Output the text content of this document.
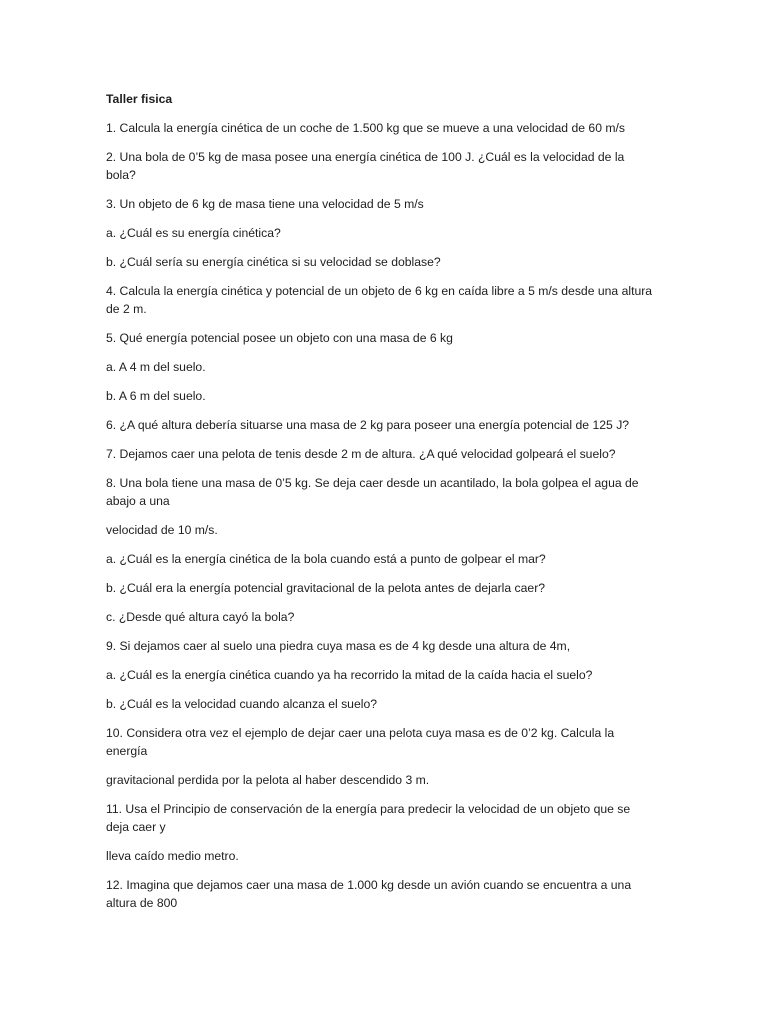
Taller fisica
1. Calcula la energía cinética de un coche de 1.500 kg que se mueve a una velocidad de 60 m/s
2. Una bola de 0’5 kg de masa posee una energía cinética de 100 J. ¿Cuál es la velocidad de la bola?
3. Un objeto de 6 kg de masa tiene una velocidad de 5 m/s
a. ¿Cuál es su energía cinética?
b. ¿Cuál sería su energía cinética si su velocidad se doblase?
4. Calcula la energía cinética y potencial de un objeto de 6 kg en caída libre a 5 m/s desde una altura de 2 m.
5. Qué energía potencial posee un objeto con una masa de 6 kg
a. A 4 m del suelo.
b. A 6 m del suelo.
6. ¿A qué altura debería situarse una masa de 2 kg para poseer una energía potencial de 125 J?
7. Dejamos caer una pelota de tenis desde 2 m de altura. ¿A qué velocidad golpeará el suelo?
8. Una bola tiene una masa de 0’5 kg. Se deja caer desde un acantilado, la bola golpea el agua de abajo a una
velocidad de 10 m/s.
a. ¿Cuál es la energía cinética de la bola cuando está a punto de golpear el mar?
b. ¿Cuál era la energía potencial gravitacional de la pelota antes de dejarla caer?
c. ¿Desde qué altura cayó la bola?
9. Si dejamos caer al suelo una piedra cuya masa es de 4 kg desde una altura de 4m,
a. ¿Cuál es la energía cinética cuando ya ha recorrido la mitad de la caída hacia el suelo?
b. ¿Cuál es la velocidad cuando alcanza el suelo?
10. Considera otra vez el ejemplo de dejar caer una pelota cuya masa es de 0’2 kg. Calcula la energía
gravitacional perdida por la pelota al haber descendido 3 m.
11. Usa el Principio de conservación de la energía para predecir la velocidad de un objeto que se deja caer y
lleva caído medio metro.
12. Imagina que dejamos caer una masa de 1.000 kg desde un avión cuando se encuentra a una altura de 800
